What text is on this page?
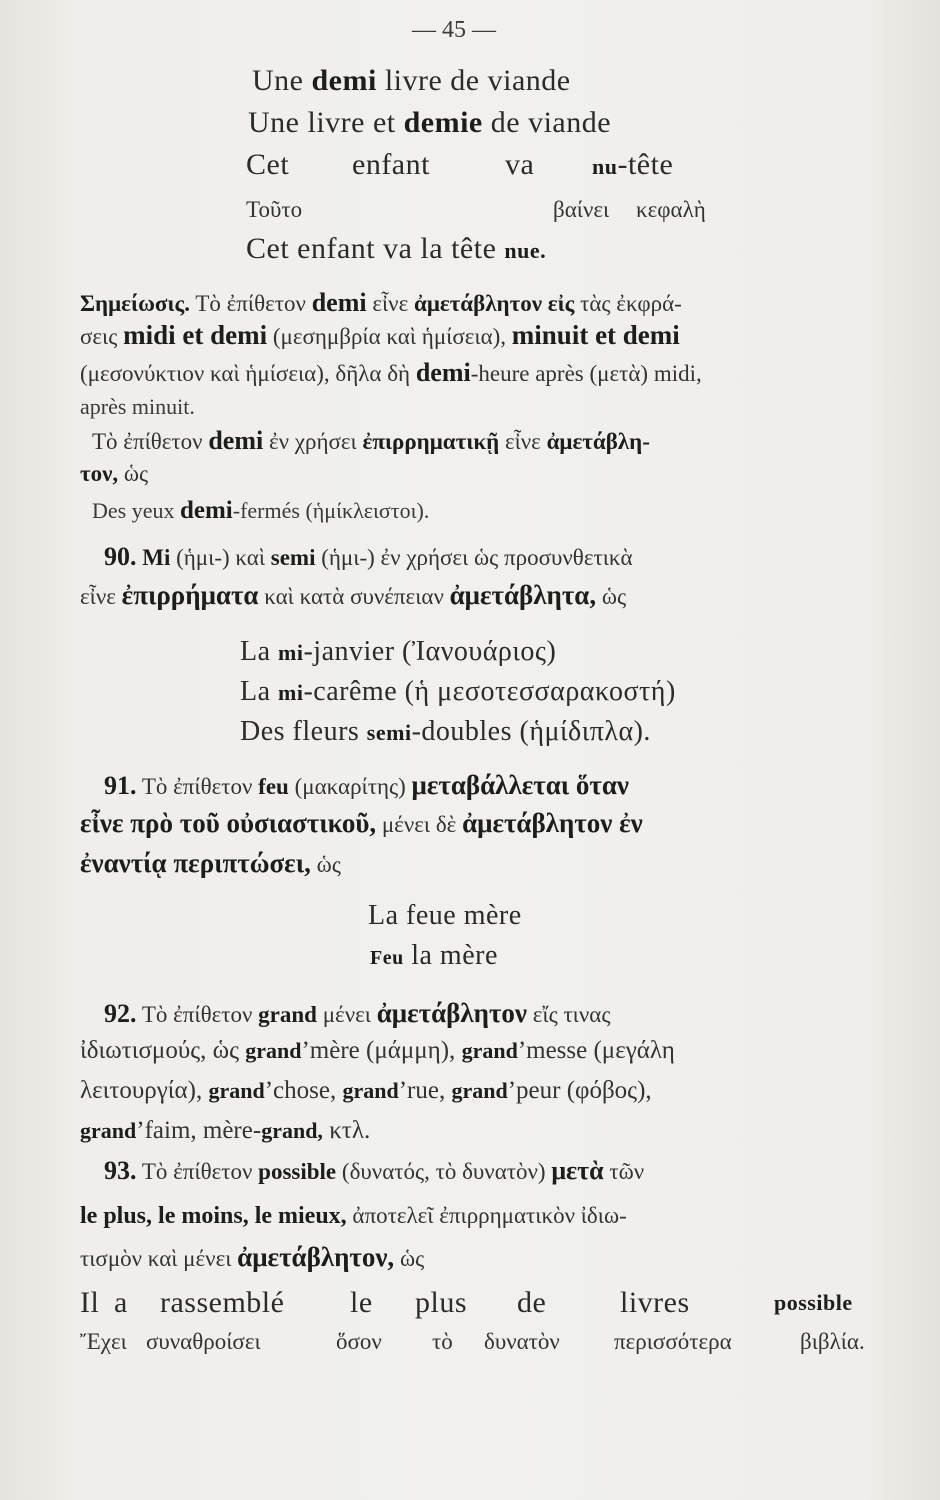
— 45 —
Une demi livre de viande
Une livre et demie de viande
Cet enfant	va	nu-tête
Τοῦτο	βαίνει κεφαλὴ
Cet enfant va la tête nue.
Σημείωσις. Τὸ ἐπίθετον demi εἶνε ἀμετάβλητον εἰς τὰς ἐκφρά-
σεις midi et demi (μεσημβρία καὶ ἡμίσεια), minuit et demi
(μεσονύκτιον καὶ ἡμίσεια), δῆλα δὴ demi-heure après (μετὰ) midi,
après minuit.
Τὸ ἐπίθετον demi ἐν χρήσει ἐπιρρηματικῇ εἶνε ἀμετάβλη-
τον, ὡς
Des yeux demi-fermés (ἡμίκλειστοι).
90. Mi (ἡμι-) καὶ semi (ἡμι-) ἐν χρήσει ὡς προσυνθετικὰ
εἶνε ἐπιρρήματα καὶ κατὰ συνέπειαν ἀμετάβλητα, ὡς
La mi-janvier (Ἰανουάριος)
La mi-carême (ἡ μεσοτεσσαρακοστή)
Des fleurs semi-doubles (ἡμίδιπλα).
91. Τὸ ἐπίθετον feu (μακαρίτης) μεταβάλλεται ὅταν
εἶνε πρὸ τοῦ οὐσιαστικοῦ, μένει δὲ ἀμετάβλητον ἐν
ἐναντίᾳ περιπτώσει, ὡς
La feue mère
Feu la mère
92. Τὸ ἐπίθετον grand μένει ἀμετάβλητον εἴς τινας
ἰδιωτισμούς, ὡς grand’mère (μάμμη), grand’messe (μεγάλη
λειτουργία), grand’chose, grand’rue, grand’peur (φόβος),
grand’faim, mère-grand, κτλ.
93. Τὸ ἐπίθετον possible (δυνατός, τὸ δυνατὸν) μετὰ τῶν
le plus, le moins, le mieux, ἀποτελεῖ ἐπιρρηματικὸν ἰδιω-
τισμὸν καὶ μένει ἀμετάβλητον, ὡς
Il a rassemblé le plus de livres	possible
Ἔχει συναθροίσει	ὅσον τὸ δυνατὸν περισσότερα	βιβλία.
